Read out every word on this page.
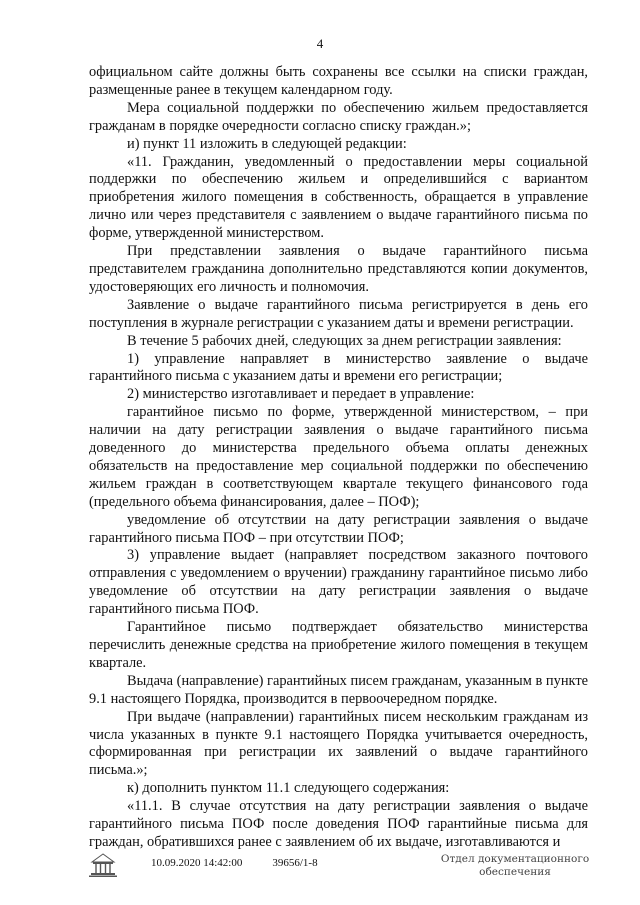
4

официальном сайте должны быть сохранены все ссылки на списки граждан, размещенные ранее в текущем календарном году.

Мера социальной поддержки по обеспечению жильем предоставляется гражданам в порядке очередности согласно списку граждан.»;

и) пункт 11 изложить в следующей редакции:

«11. Гражданин, уведомленный о предоставлении меры социальной поддержки по обеспечению жильем и определившийся с вариантом приобретения жилого помещения в собственность, обращается в управление лично или через представителя с заявлением о выдаче гарантийного письма по форме, утвержденной министерством.

При представлении заявления о выдаче гарантийного письма представителем гражданина дополнительно представляются копии документов, удостоверяющих его личность и полномочия.

Заявление о выдаче гарантийного письма регистрируется в день его поступления в журнале регистрации с указанием даты и времени регистрации.

В течение 5 рабочих дней, следующих за днем регистрации заявления:

1) управление направляет в министерство заявление о выдаче гарантийного письма с указанием даты и времени его регистрации;

2) министерство изготавливает и передает в управление:

гарантийное письмо по форме, утвержденной министерством, – при наличии на дату регистрации заявления о выдаче гарантийного письма доведенного до министерства предельного объема оплаты денежных обязательств на предоставление мер социальной поддержки по обеспечению жильем граждан в соответствующем квартале текущего финансового года (предельного объема финансирования, далее – ПОФ);

уведомление об отсутствии на дату регистрации заявления о выдаче гарантийного письма ПОФ – при отсутствии ПОФ;

3) управление выдает (направляет посредством заказного почтового отправления с уведомлением о вручении) гражданину гарантийное письмо либо уведомление об отсутствии на дату регистрации заявления о выдаче гарантийного письма ПОФ.

Гарантийное письмо подтверждает обязательство министерства перечислить денежные средства на приобретение жилого помещения в текущем квартале.

Выдача (направление) гарантийных писем гражданам, указанным в пункте 9.1 настоящего Порядка, производится в первоочередном порядке.

При выдаче (направлении) гарантийных писем нескольким гражданам из числа указанных в пункте 9.1 настоящего Порядка учитывается очередность, сформированная при регистрации их заявлений о выдаче гарантийного письма.»;

к) дополнить пунктом 11.1 следующего содержания:

«11.1. В случае отсутствия на дату регистрации заявления о выдаче гарантийного письма ПОФ после доведения ПОФ гарантийные письма для граждан, обратившихся ранее с заявлением об их выдаче, изготавливаются и

10.09.2020 14:42:00	39656/1-8	Отдел документационного
обеспечения
